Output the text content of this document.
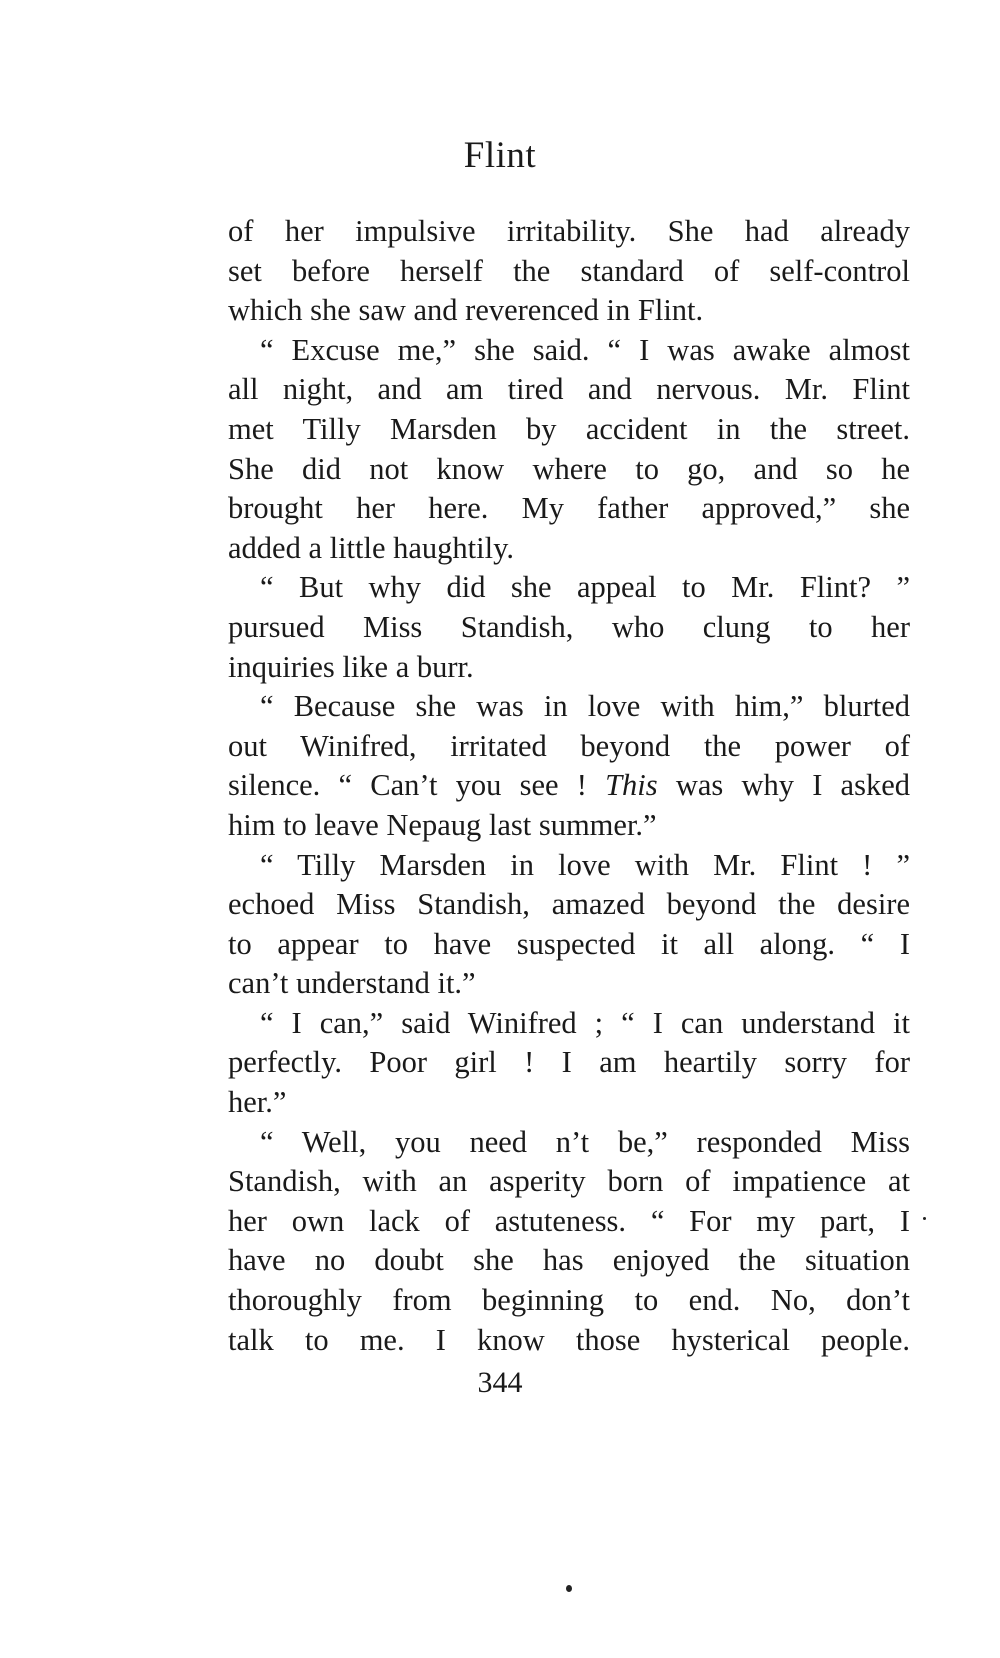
Flint
of her impulsive irritability. She had already
set before herself the standard of self-control
which she saw and reverenced in Flint.
“ Excuse me,” she said. “ I was awake almost
all night, and am tired and nervous. Mr. Flint
met Tilly Marsden by accident in the street.
She did not know where to go, and so he
brought her here. My father approved,” she
added a little haughtily.
“ But why did she appeal to Mr. Flint? ”
pursued Miss Standish, who clung to her
inquiries like a burr.
“ Because she was in love with him,” blurted
out Winifred, irritated beyond the power of
silence. “ Can’t you see ! This was why I asked
him to leave Nepaug last summer.”
“ Tilly Marsden in love with Mr. Flint ! ”
echoed Miss Standish, amazed beyond the desire
to appear to have suspected it all along. “ I
can’t understand it.”
“ I can,” said Winifred ; “ I can understand it
perfectly. Poor girl ! I am heartily sorry for
her.”
“ Well, you need n’t be,” responded Miss
Standish, with an asperity born of impatience at
her own lack of astuteness. “ For my part, I
have no doubt she has enjoyed the situation
thoroughly from beginning to end. No, don’t
talk to me. I know those hysterical people.
344
